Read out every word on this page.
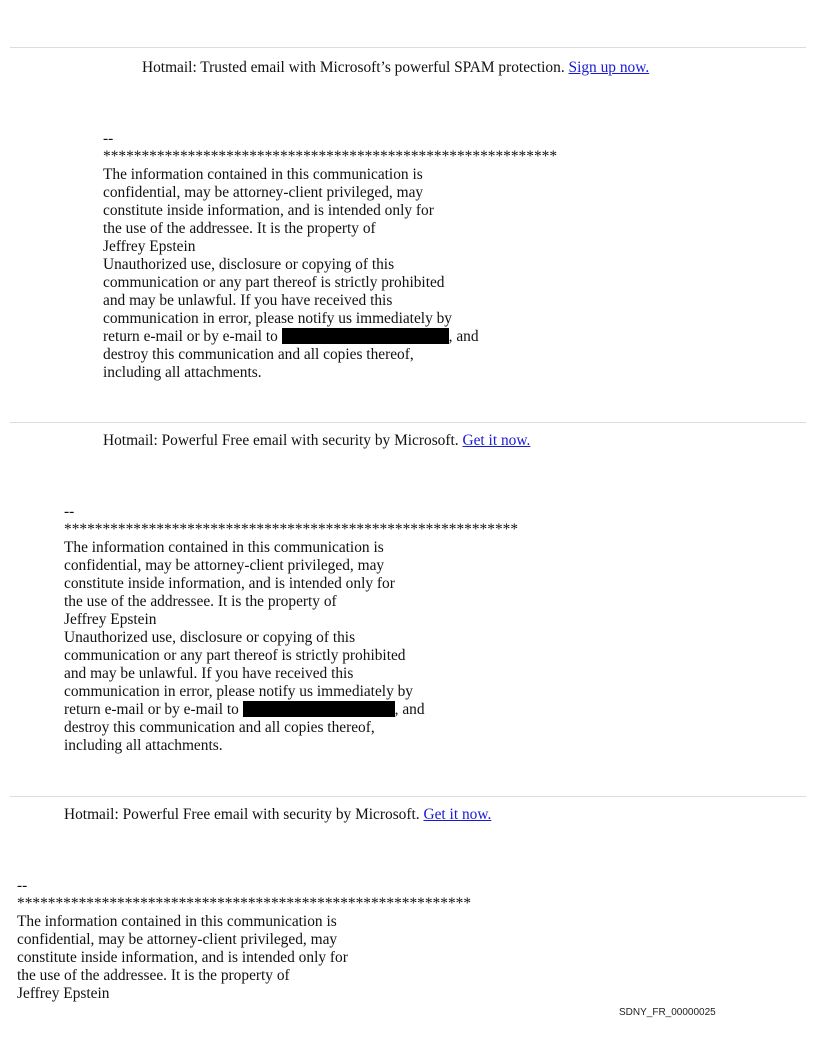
Hotmail: Trusted email with Microsoft’s powerful SPAM protection. Sign up now.
--
***********************************************************
The information contained in this communication is
confidential, may be attorney-client privileged, may
constitute inside information, and is intended only for
the use of the addressee. It is the property of
Jeffrey Epstein
Unauthorized use, disclosure or copying of this
communication or any part thereof is strictly prohibited
and may be unlawful. If you have received this
communication in error, please notify us immediately by
return e-mail or by e-mail to	, and
destroy this communication and all copies thereof,
including all attachments.
Hotmail: Powerful Free email with security by Microsoft. Get it now.
--
***********************************************************
The information contained in this communication is
confidential, may be attorney-client privileged, may
constitute inside information, and is intended only for
the use of the addressee. It is the property of
Jeffrey Epstein
Unauthorized use, disclosure or copying of this
communication or any part thereof is strictly prohibited
and may be unlawful. If you have received this
communication in error, please notify us immediately by
return e-mail or by e-mail to	, and
destroy this communication and all copies thereof,
including all attachments.
Hotmail: Powerful Free email with security by Microsoft. Get it now.
--
***********************************************************
The information contained in this communication is
confidential, may be attorney-client privileged, may
constitute inside information, and is intended only for
the use of the addressee. It is the property of
Jeffrey Epstein
SDNY_FR_00000025
